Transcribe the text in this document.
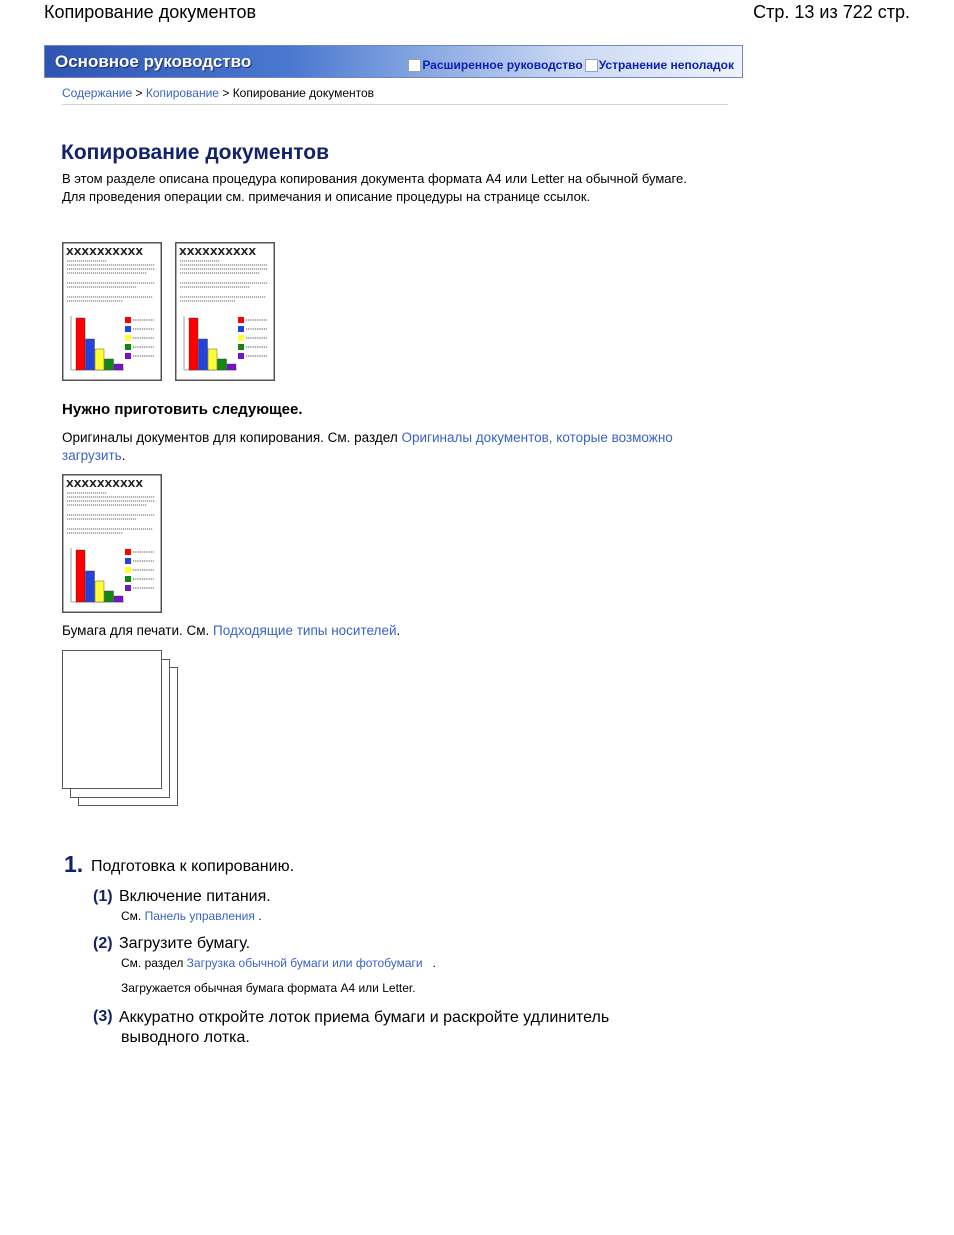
Копирование документов	Стр. 13 из 722 стр.
Основное руководство	Расширенное руководство Устранение неполадок
Содержание > Копирование > Копирование документов
Копирование документов
В этом разделе описана процедура копирования документа формата A4 или Letter на обычной бумаге.
Для проведения операции см. примечания и описание процедуры на странице ссылок.
XXXXXXXXXX	XXXXXXXXXX
Нужно приготовить следующее.
Оригиналы документов для копирования. См. раздел Оригиналы документов, которые возможно загрузить.
XXXXXXXXXX
Бумага для печати. См. Подходящие типы носителей.
1. Подготовка к копированию.
(1) Включение питания.
См. Панель управления .
(2) Загрузите бумагу.
См. раздел Загрузка обычной бумаги или фотобумаги .
Загружается обычная бумага формата A4 или Letter.
(3) Аккуратно откройте лоток приема бумаги и раскройте удлинитель
выводного лотка.
